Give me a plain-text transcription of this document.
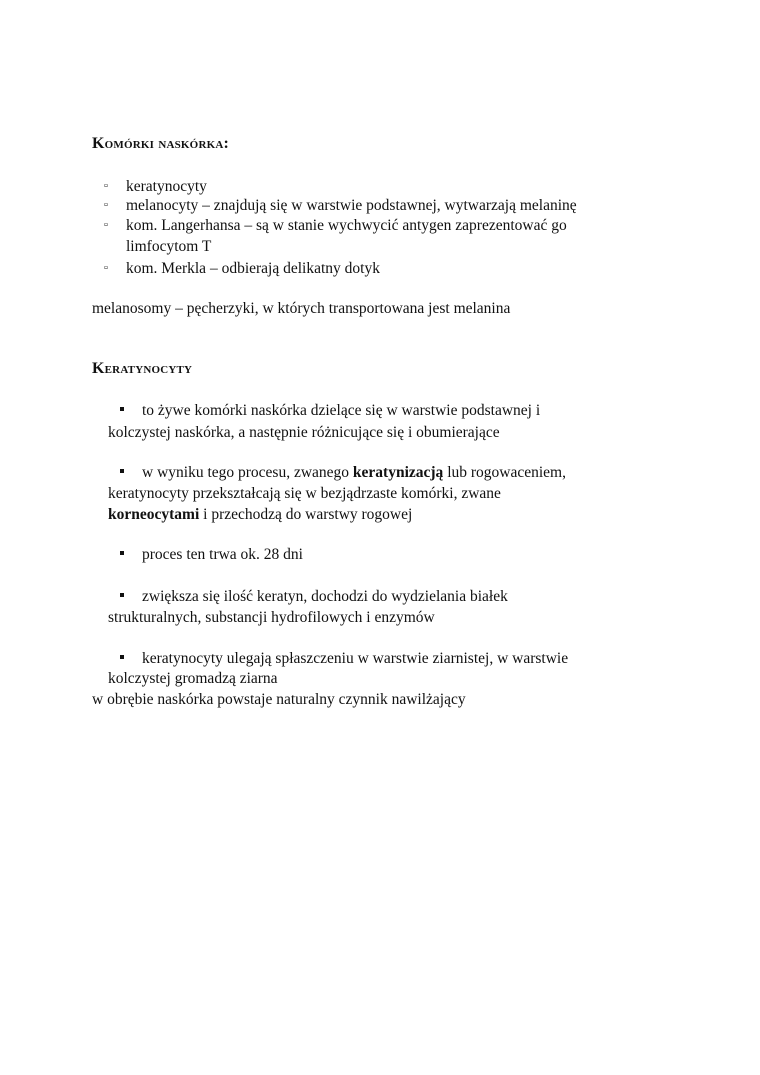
Komórki naskórka:
▫ keratynocyty
▫ melanocyty – znajdują się w warstwie podstawnej, wytwarzają melaninę
▫ kom. Langerhansa – są w stanie wychwycić antygen zaprezentować go
limfocytom T
▫ kom. Merkla – odbierają delikatny dotyk
melanosomy – pęcherzyki, w których transportowana jest melanina
Keratynocyty
to żywe komórki naskórka dzielące się w warstwie podstawnej i
kolczystej naskórka, a następnie różnicujące się i obumierające
w wyniku tego procesu, zwanego keratynizacją lub rogowaceniem,
keratynocyty przekształcają się w bezjądrzaste komórki, zwane
korneocytami i przechodzą do warstwy rogowej
proces ten trwa ok. 28 dni
zwiększa się ilość keratyn, dochodzi do wydzielania białek
strukturalnych, substancji hydrofilowych i enzymów
keratynocyty ulegają spłaszczeniu w warstwie ziarnistej, w warstwie
kolczystej gromadzą ziarna
w obrębie naskórka powstaje naturalny czynnik nawilżający
